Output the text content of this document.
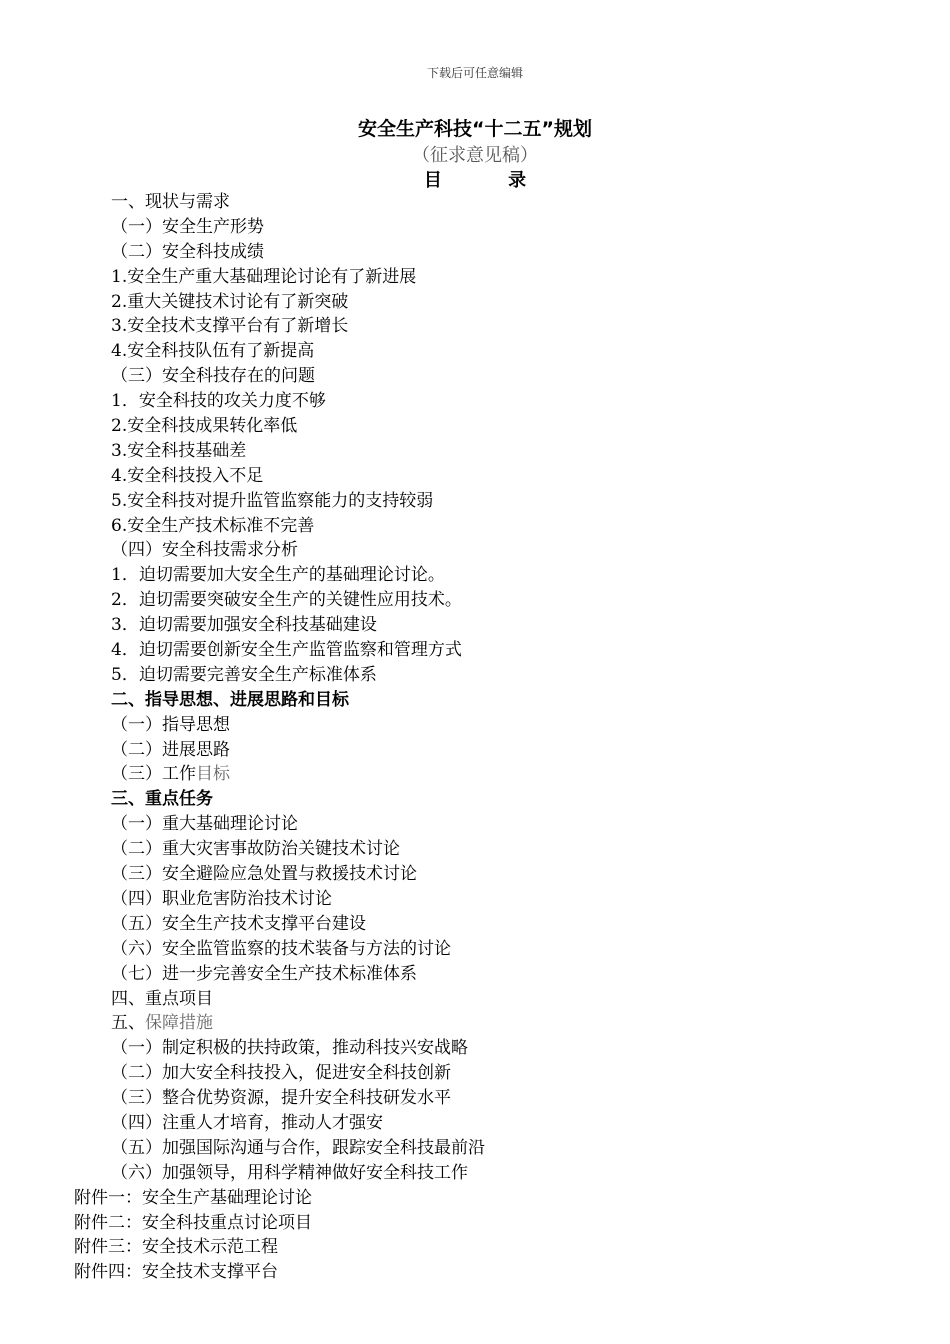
下载后可任意编辑
安全生产科技“十二五”规划
（征求意见稿）
目 录
一、现状与需求
（一）安全生产形势
（二）安全科技成绩
1.安全生产重大基础理论讨论有了新进展
2.重大关键技术讨论有了新突破
3.安全技术支撑平台有了新增长
4.安全科技队伍有了新提高
（三）安全科技存在的问题
1．安全科技的攻关力度不够
2.安全科技成果转化率低
3.安全科技基础差
4.安全科技投入不足
5.安全科技对提升监管监察能力的支持较弱
6.安全生产技术标准不完善
（四）安全科技需求分析
1．迫切需要加大安全生产的基础理论讨论。
2．迫切需要突破安全生产的关键性应用技术。
3．迫切需要加强安全科技基础建设
4．迫切需要创新安全生产监管监察和管理方式
5．迫切需要完善安全生产标准体系
二、指导思想、进展思路和目标
（一）指导思想
（二）进展思路
（三）工作目标
三、重点任务
（一）重大基础理论讨论
（二）重大灾害事故防治关键技术讨论
（三）安全避险应急处置与救援技术讨论
（四）职业危害防治技术讨论
（五）安全生产技术支撑平台建设
（六）安全监管监察的技术装备与方法的讨论
（七）进一步完善安全生产技术标准体系
四、重点项目
五、保障措施
（一）制定积极的扶持政策，推动科技兴安战略
（二）加大安全科技投入，促进安全科技创新
（三）整合优势资源，提升安全科技研发水平
（四）注重人才培育，推动人才强安
（五）加强国际沟通与合作，跟踪安全科技最前沿
（六）加强领导，用科学精神做好安全科技工作
附件一：安全生产基础理论讨论
附件二：安全科技重点讨论项目
附件三：安全技术示范工程
附件四：安全技术支撑平台
